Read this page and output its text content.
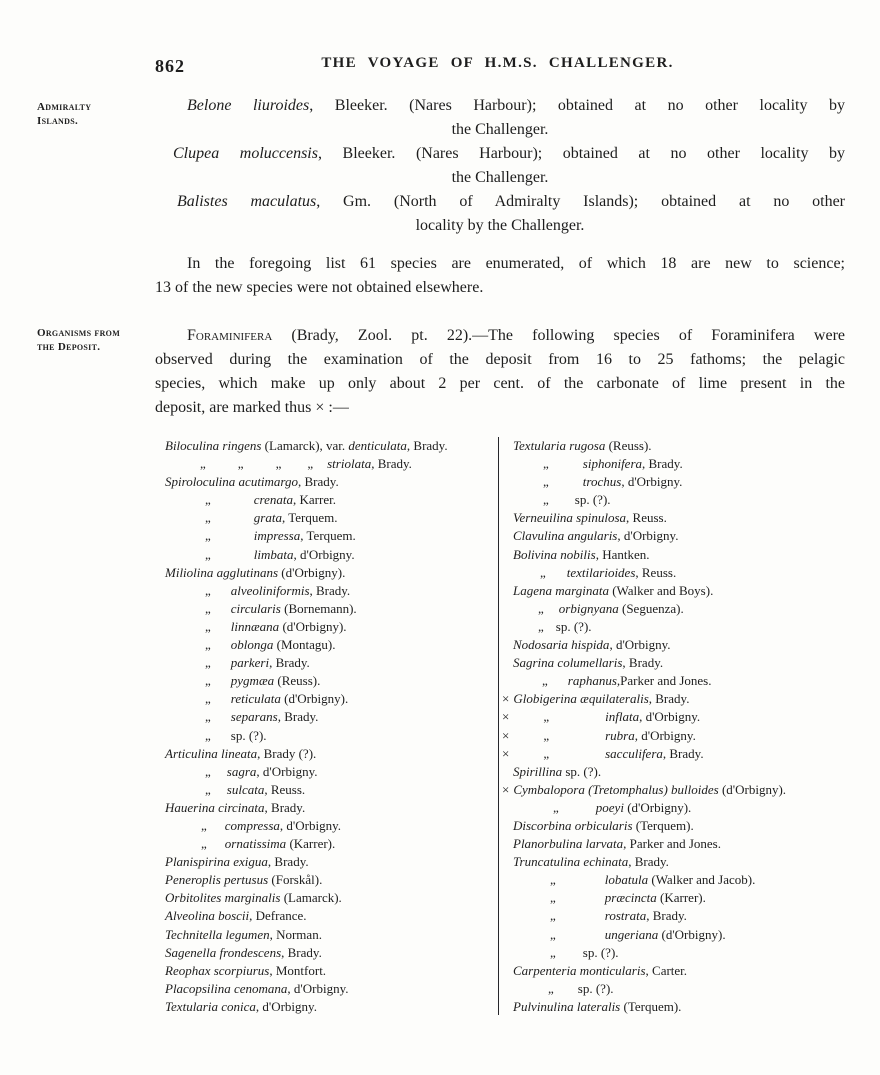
862	THE VOYAGE OF H.M.S. CHALLENGER.
Admiralty
Islands.
Organisms from
the Deposit.
Belone liuroides, Bleeker. (Nares Harbour); obtained at no other locality by
the Challenger.
Clupea moluccensis, Bleeker. (Nares Harbour); obtained at no other locality by
the Challenger.
Balistes maculatus, Gm. (North of Admiralty Islands); obtained at no other
locality by the Challenger.
In the foregoing list 61 species are enumerated, of which 18 are new to science;
13 of the new species were not obtained elsewhere.
Foraminifera (Brady, Zool. pt. 22).—The following species of Foraminifera were
observed during the examination of the deposit from 16 to 25 fathoms; the pelagic
species, which make up only about 2 per cent. of the carbonate of lime present in the
deposit, are marked thus × :—
Biloculina ringens (Lamarck), var. denticulata, Brady.
„ „ „ „ striolata, Brady.
Spiroloculina acutimargo, Brady.
„	crenata, Karrer.
„	grata, Terquem.
„	impressa, Terquem.
„	limbata, d'Orbigny.
Miliolina agglutinans (d'Orbigny).
„ alveoliniformis, Brady.
„ circularis (Bornemann).
„ linnæana (d'Orbigny).
„ oblonga (Montagu).
„ parkeri, Brady.
„ pygmæa (Reuss).
„ reticulata (d'Orbigny).
„ separans, Brady.
„ sp. (?).
Articulina lineata, Brady (?).
„ sagra, d'Orbigny.
„ sulcata, Reuss.
Hauerina circinata, Brady.
„ compressa, d'Orbigny.
„ ornatissima (Karrer).
Planispirina exigua, Brady.
Peneroplis pertusus (Forskål).
Orbitolites marginalis (Lamarck).
Alveolina boscii, Defrance.
Technitella legumen, Norman.
Sagenella frondescens, Brady.
Reophax scorpiurus, Montfort.
Placopsilina cenomana, d'Orbigny.
Textularia conica, d'Orbigny.
Textularia rugosa (Reuss).
„	siphonifera, Brady.
„	trochus, d'Orbigny.
„ sp. (?).
Verneuilina spinulosa, Reuss.
Clavulina angularis, d'Orbigny.
Bolivina nobilis, Hantken.
„ textilarioides, Reuss.
Lagena marginata (Walker and Boys).
„ orbignyana (Seguenza).
„ sp. (?).
Nodosaria hispida, d'Orbigny.
Sagrina columellaris, Brady.
„ raphanus,Parker and Jones.
× Globigerina æquilateralis, Brady.
×	„	inflata, d'Orbigny.
×	„	rubra, d'Orbigny.
×	„	sacculifera, Brady.
Spirillina sp. (?).
× Cymbalopora (Tretomphalus) bulloides (d'Orbigny).
„	poeyi (d'Orbigny).
Discorbina orbicularis (Terquem).
Planorbulina larvata, Parker and Jones.
Truncatulina echinata, Brady.
„	lobatula (Walker and Jacob).
„	præcincta (Karrer).
„	rostrata, Brady.
„	ungeriana (d'Orbigny).
„ sp. (?).
Carpenteria monticularis, Carter.
„ sp. (?).
Pulvinulina lateralis (Terquem).
